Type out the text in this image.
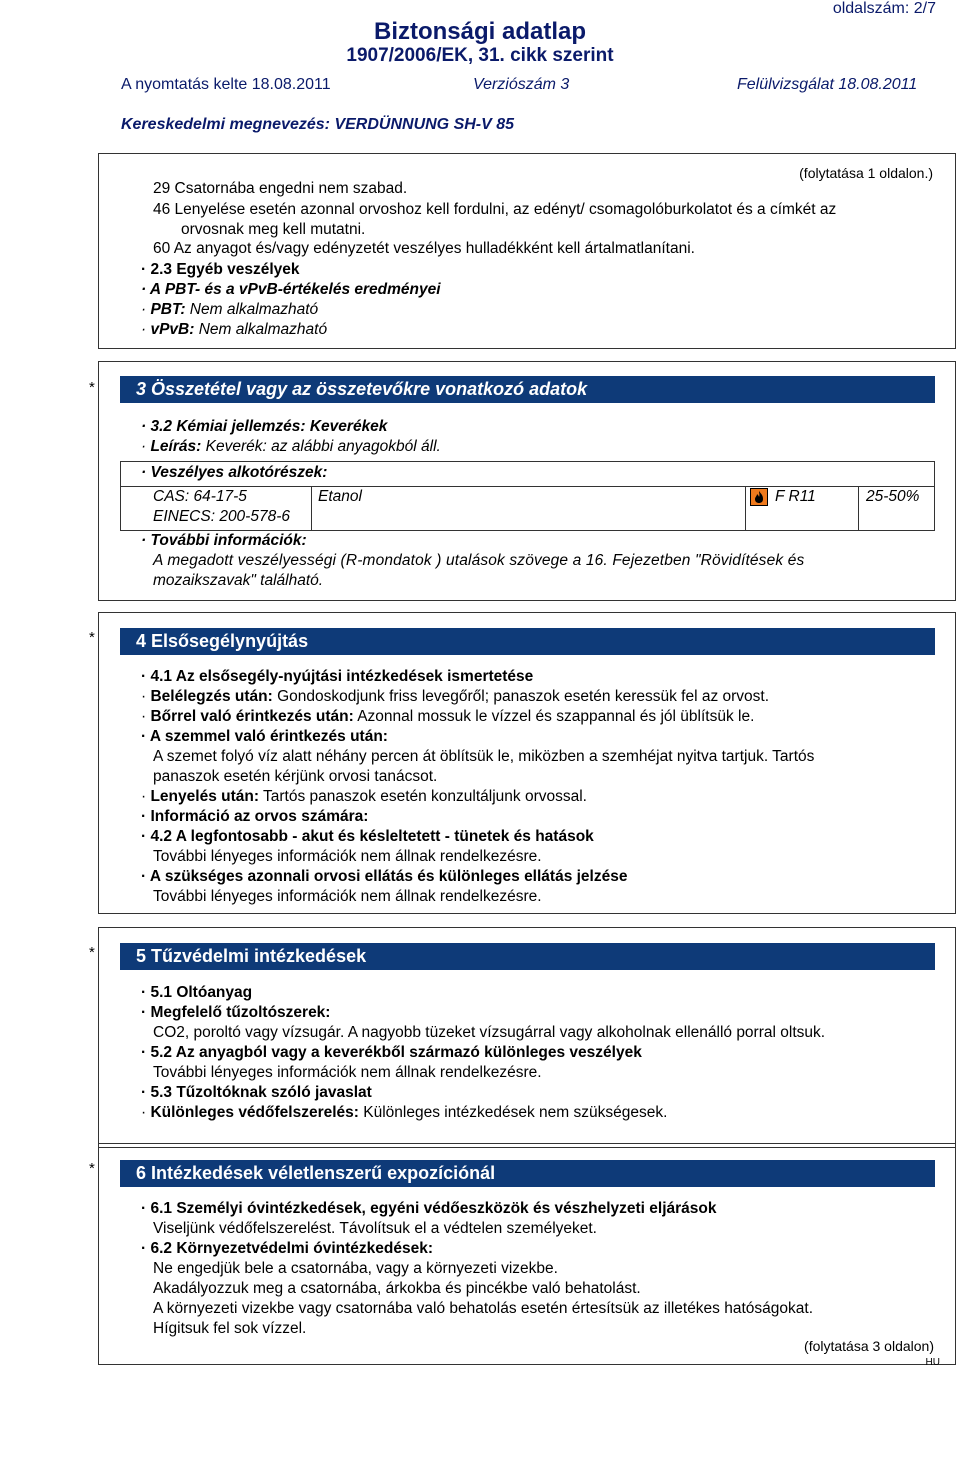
oldalszám: 2/7
Biztonsági adatlap
1907/2006/EK, 31. cikk szerint
A nyomtatás kelte 18.08.2011	Verziószám 3	Felülvizsgálat 18.08.2011
Kereskedelmi megnevezés: VERDÜNNUNG SH-V 85
(folytatása 1 oldalon.)
29 Csatornába engedni nem szabad.
46 Lenyelése esetén azonnal orvoshoz kell fordulni, az edényt/ csomagolóburkolatot és a címkét az
orvosnak meg kell mutatni.
60 Az anyagot és/vagy edényzetét veszélyes hulladékként kell ártalmatlanítani.
· 2.3 Egyéb veszélyek
· A PBT- és a vPvB-értékelés eredményei
· PBT: Nem alkalmazható
· vPvB: Nem alkalmazható
*	3 Összetétel vagy az összetevőkre vonatkozó adatok
· 3.2 Kémiai jellemzés: Keverékek
· Leírás: Keverék: az alábbi anyagokból áll.
· Veszélyes alkotórészek:
CAS: 64-17-5
EINECS: 200-578-6
Etanol	F R11	25-50%
· További információk:
A megadott veszélyességi (R-mondatok ) utalások szövege a 16. Fejezetben "Rövidítések és
mozaikszavak" található.
*	4 Elsősegélynyújtás
· 4.1 Az elsősegély-nyújtási intézkedések ismertetése
· Belélegzés után: Gondoskodjunk friss levegőről; panaszok esetén keressük fel az orvost.
· Bőrrel való érintkezés után: Azonnal mossuk le vízzel és szappannal és jól üblítsük le.
· A szemmel való érintkezés után:
A szemet folyó víz alatt néhány percen át öblítsük le, miközben a szemhéjat nyitva tartjuk. Tartós
panaszok esetén kérjünk orvosi tanácsot.
· Lenyelés után: Tartós panaszok esetén konzultáljunk orvossal.
· Információ az orvos számára:
· 4.2 A legfontosabb - akut és késleltetett - tünetek és hatások
További lényeges információk nem állnak rendelkezésre.
· A szükséges azonnali orvosi ellátás és különleges ellátás jelzése
További lényeges információk nem állnak rendelkezésre.
*	5 Tűzvédelmi intézkedések
· 5.1 Oltóanyag
· Megfelelő tűzoltószerek:
CO2, poroltó vagy vízsugár. A nagyobb tüzeket vízsugárral vagy alkoholnak ellenálló porral oltsuk.
· 5.2 Az anyagból vagy a keverékből származó különleges veszélyek
További lényeges információk nem állnak rendelkezésre.
· 5.3 Tűzoltóknak szóló javaslat
· Különleges védőfelszerelés: Különleges intézkedések nem szükségesek.
*	6 Intézkedések véletlenszerű expozíciónál
· 6.1 Személyi óvintézkedések, egyéni védőeszközök és vészhelyzeti eljárások
Viseljünk védőfelszerelést. Távolítsuk el a védtelen személyeket.
· 6.2 Környezetvédelmi óvintézkedések:
Ne engedjük bele a csatornába, vagy a környezeti vizekbe.
Akadályozzuk meg a csatornába, árkokba és pincékbe való behatolást.
A környezeti vizekbe vagy csatornába való behatolás esetén értesítsük az illetékes hatóságokat.
Hígitsuk fel sok vízzel.
(folytatása 3 oldalon)
HU
